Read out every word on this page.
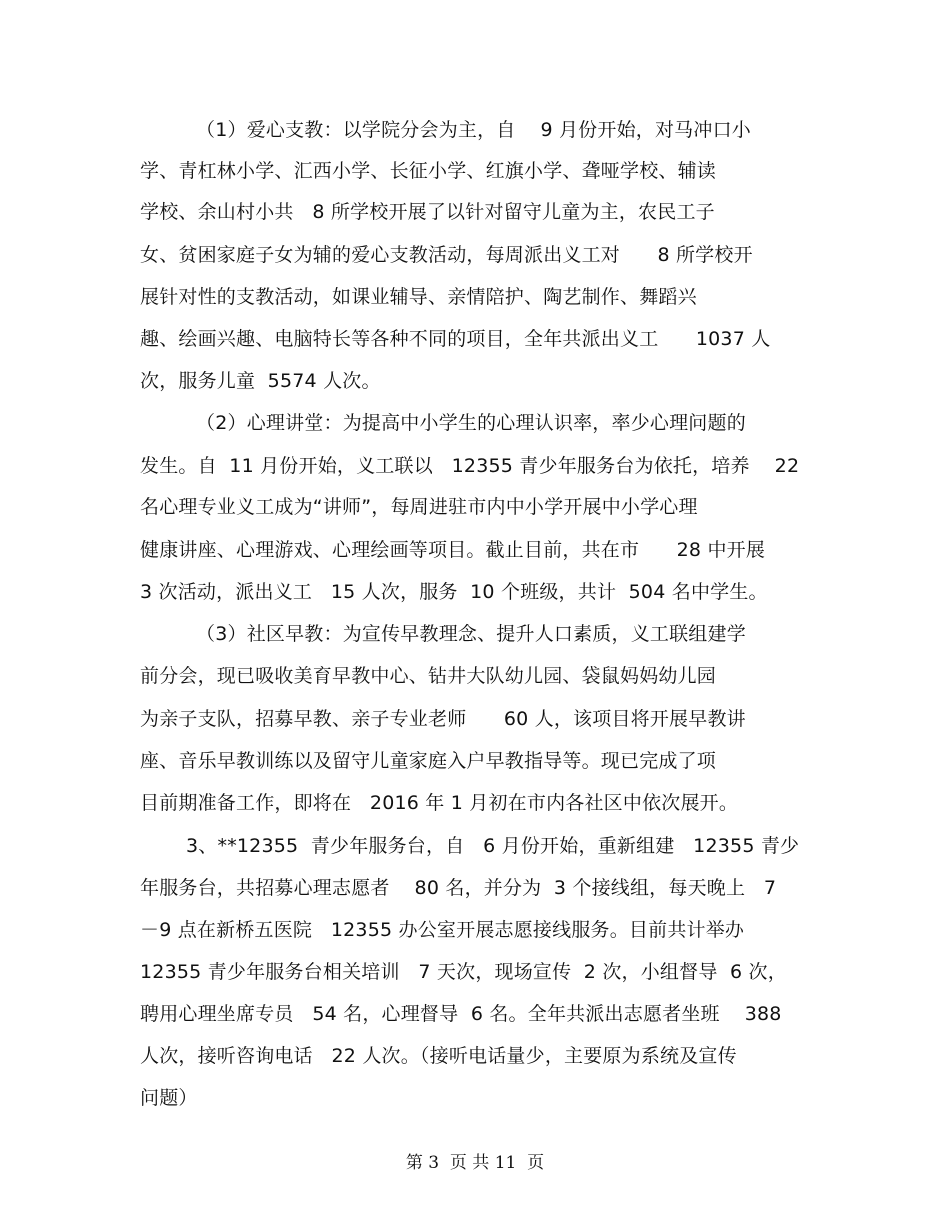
（1）爱心支教：以学院分会为主，自    9 月份开始，对马冲口小
学、青杠林小学、汇西小学、长征小学、红旗小学、聋哑学校、辅读
学校、余山村小共   8 所学校开展了以针对留守儿童为主，农民工子
女、贫困家庭子女为辅的爱心支教活动，每周派出义工对      8 所学校开
展针对性的支教活动，如课业辅导、亲情陪护、陶艺制作、舞蹈兴
趣、绘画兴趣、电脑特长等各种不同的项目，全年共派出义工      1037 人
次，服务儿童  5574 人次。
（2）心理讲堂：为提高中小学生的心理认识率，率少心理问题的
发生。自  11 月份开始，义工联以   12355 青少年服务台为依托，培养    22
名心理专业义工成为“讲师”，每周进驻市内中小学开展中小学心理
健康讲座、心理游戏、心理绘画等项目。截止目前，共在市      28 中开展
3 次活动，派出义工   15 人次，服务  10 个班级，共计  504 名中学生。
（3）社区早教：为宣传早教理念、提升人口素质，义工联组建学
前分会，现已吸收美育早教中心、钻井大队幼儿园、袋鼠妈妈幼儿园
为亲子支队，招募早教、亲子专业老师      60 人，该项目将开展早教讲
座、音乐早教训练以及留守儿童家庭入户早教指导等。现已完成了项
目前期准备工作，即将在   2016 年 1 月初在市内各社区中依次展开。
3、**12355  青少年服务台，自   6 月份开始，重新组建   12355 青少
年服务台，共招募心理志愿者    80 名，并分为  3 个接线组，每天晚上   7
－9 点在新桥五医院   12355 办公室开展志愿接线服务。目前共计举办
12355 青少年服务台相关培训   7 天次，现场宣传  2 次，小组督导  6 次，
聘用心理坐席专员   54 名，心理督导  6 名。全年共派出志愿者坐班    388
人次，接听咨询电话   22 人次。（接听电话量少，主要原为系统及宣传
问题）
第 3  页 共 11  页
